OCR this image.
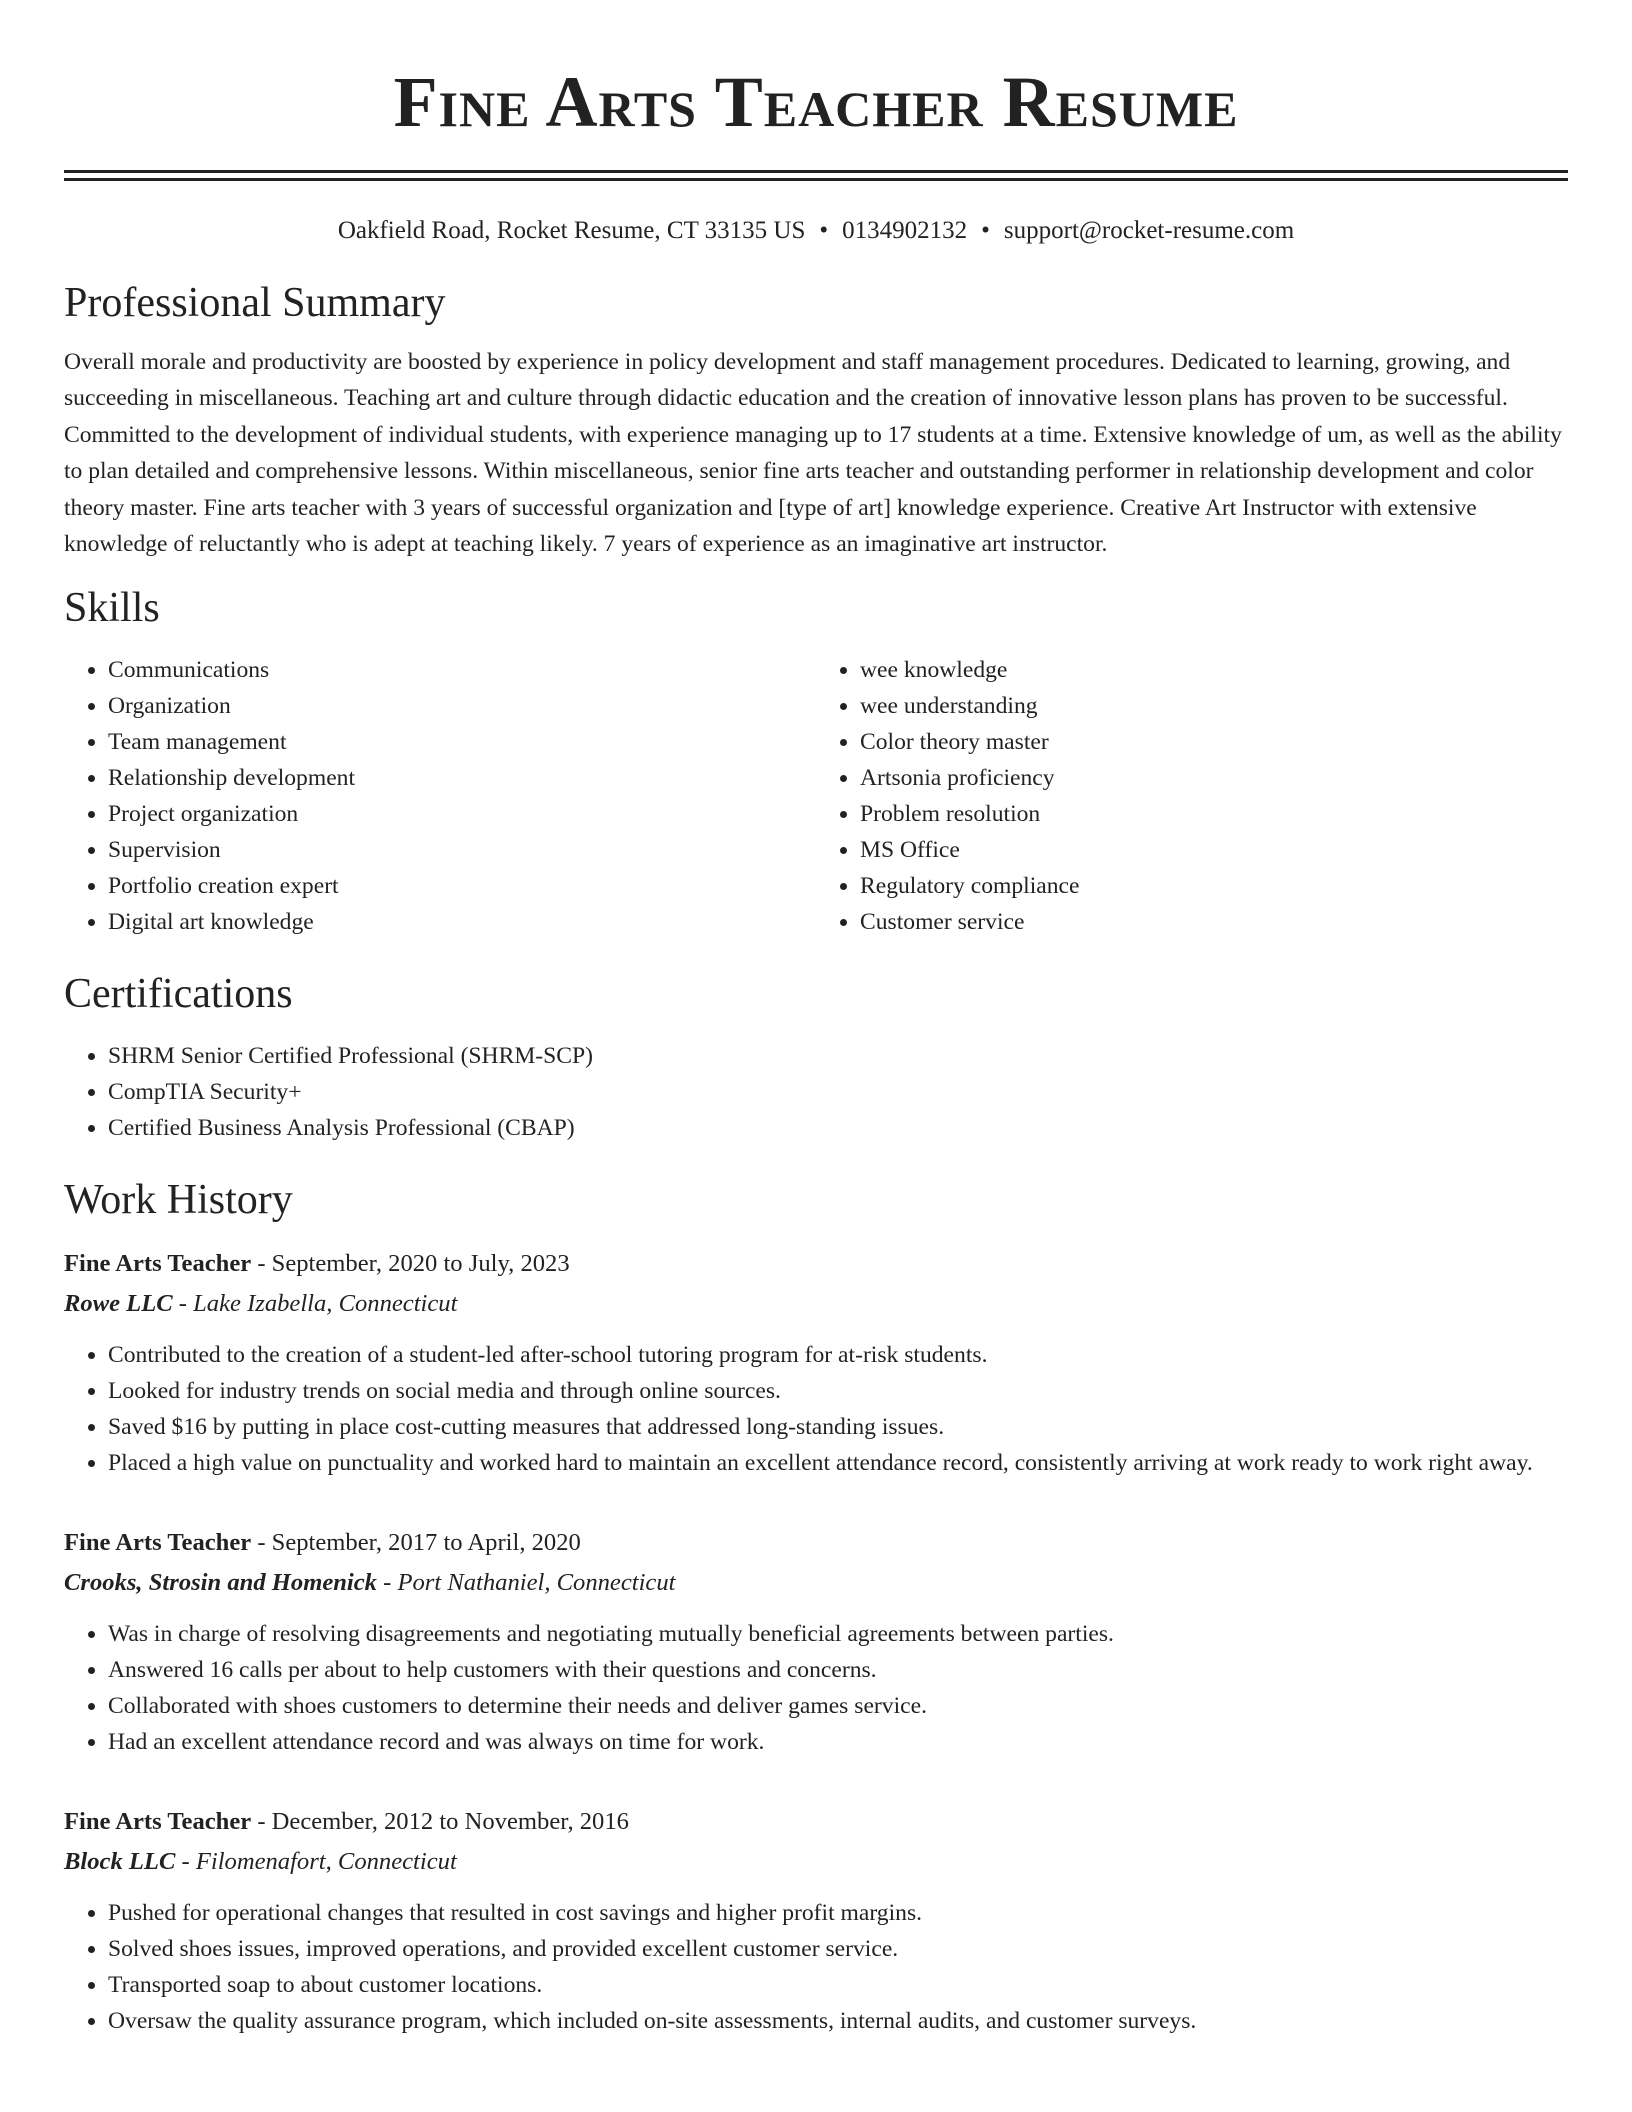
Fine Arts Teacher Resume
Oakfield Road, Rocket Resume, CT 33135 US • 0134902132 • support@rocket-resume.com
Professional Summary

Overall morale and productivity are boosted by experience in policy development and staff management procedures. Dedicated to learning, growing, and succeeding in miscellaneous. Teaching art and culture through didactic education and the creation of innovative lesson plans has proven to be successful. Committed to the development of individual students, with experience managing up to 17 students at a time. Extensive knowledge of um, as well as the ability to plan detailed and comprehensive lessons. Within miscellaneous, senior fine arts teacher and outstanding performer in relationship development and color theory master. Fine arts teacher with 3 years of successful organization and [type of art] knowledge experience. Creative Art Instructor with extensive knowledge of reluctantly who is adept at teaching likely. 7 years of experience as an imaginative art instructor.

Skills
• Communications
• Organization
• Team management
• Relationship development
• Project organization
• Supervision
• Portfolio creation expert
• Digital art knowledge
• wee knowledge
• wee understanding
• Color theory master
• Artsonia proficiency
• Problem resolution
• MS Office
• Regulatory compliance
• Customer service
Certifications
• SHRM Senior Certified Professional (SHRM-SCP)
• CompTIA Security+
• Certified Business Analysis Professional (CBAP)
Work History
Fine Arts Teacher - September, 2020 to July, 2023
Rowe LLC - Lake Izabella, Connecticut
• Contributed to the creation of a student-led after-school tutoring program for at-risk students.
• Looked for industry trends on social media and through online sources.
• Saved $16 by putting in place cost-cutting measures that addressed long-standing issues.
• Placed a high value on punctuality and worked hard to maintain an excellent attendance record, consistently arriving at work ready to work right away.
Fine Arts Teacher - September, 2017 to April, 2020
Crooks, Strosin and Homenick - Port Nathaniel, Connecticut
• Was in charge of resolving disagreements and negotiating mutually beneficial agreements between parties.
• Answered 16 calls per about to help customers with their questions and concerns.
• Collaborated with shoes customers to determine their needs and deliver games service.
• Had an excellent attendance record and was always on time for work.
Fine Arts Teacher - December, 2012 to November, 2016
Block LLC - Filomenafort, Connecticut
• Pushed for operational changes that resulted in cost savings and higher profit margins.
• Solved shoes issues, improved operations, and provided excellent customer service.
• Transported soap to about customer locations.
• Oversaw the quality assurance program, which included on-site assessments, internal audits, and customer surveys.
